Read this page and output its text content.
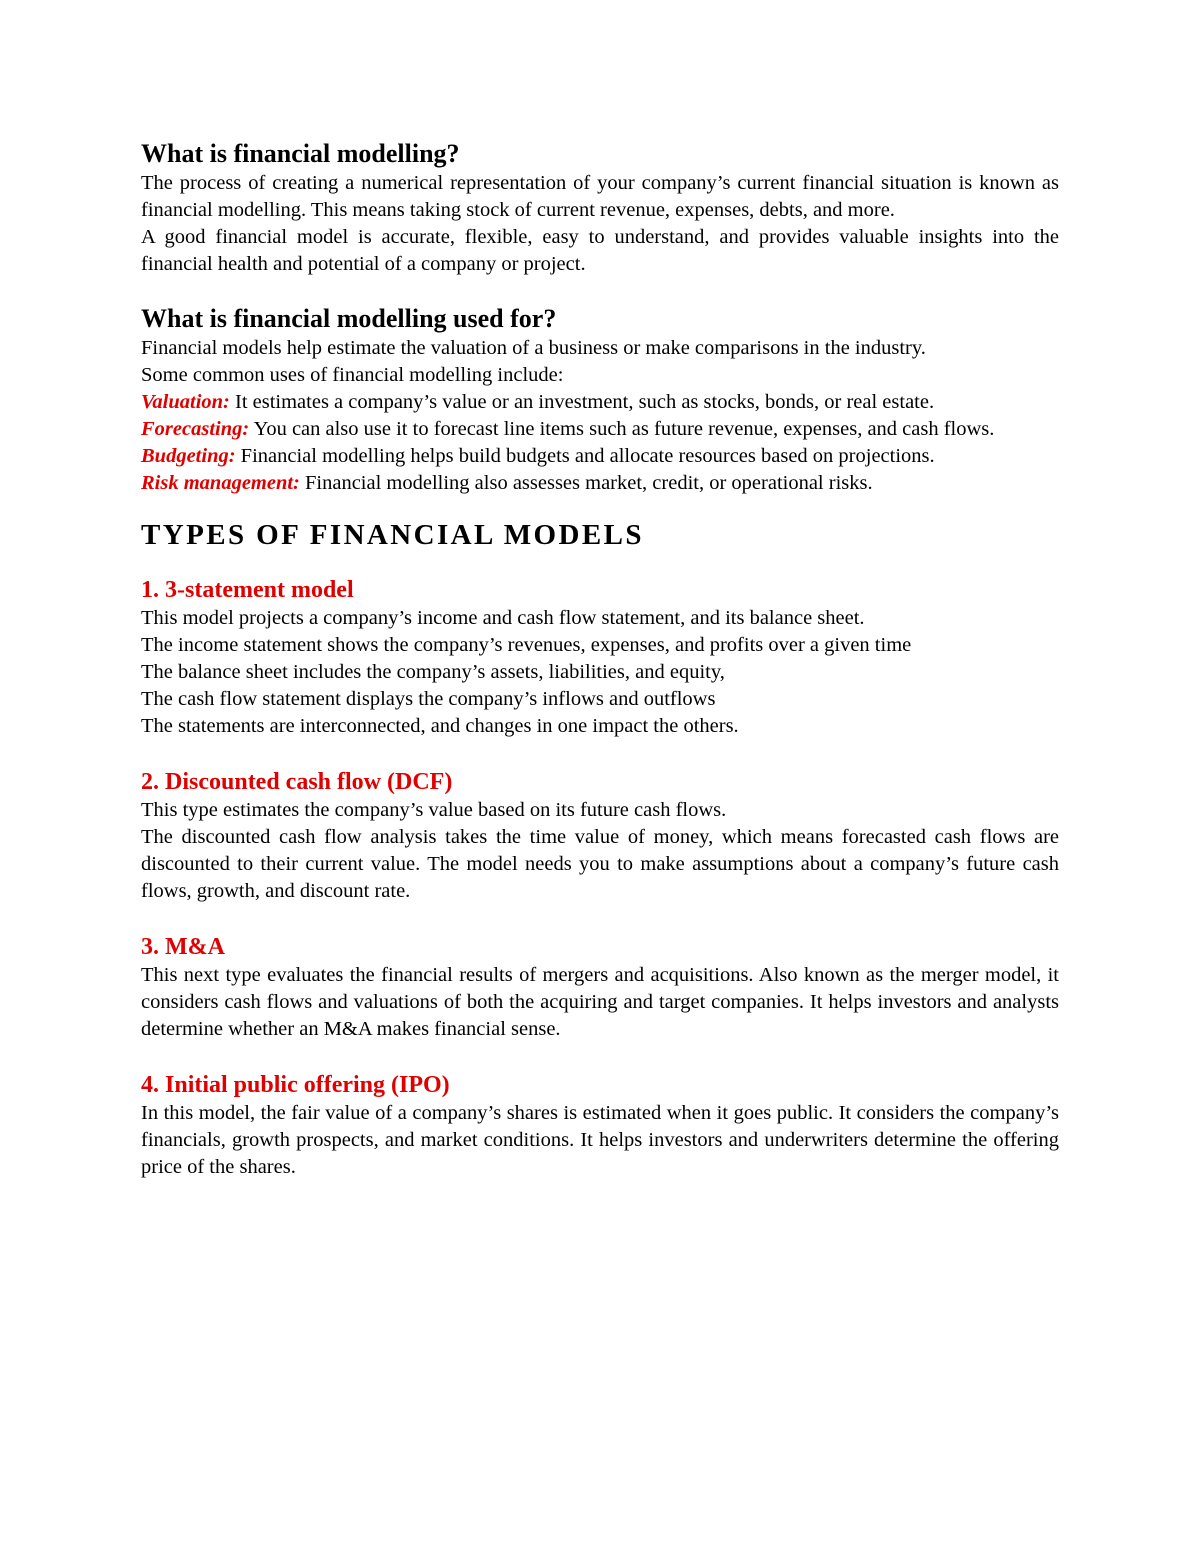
What is financial modelling?

The process of creating a numerical representation of your company’s current financial situation is known as financial modelling. This means taking stock of current revenue, expenses, debts, and more.

A good financial model is accurate, flexible, easy to understand, and provides valuable insights into the financial health and potential of a company or project.

What is financial modelling used for?

Financial models help estimate the valuation of a business or make comparisons in the industry.

Some common uses of financial modelling include:

Valuation: It estimates a company’s value or an investment, such as stocks, bonds, or real estate.

Forecasting: You can also use it to forecast line items such as future revenue, expenses, and cash flows.

Budgeting: Financial modelling helps build budgets and allocate resources based on projections.

Risk management: Financial modelling also assesses market, credit, or operational risks.

TYPES OF FINANCIAL MODELS
1. 3-statement model

This model projects a company’s income and cash flow statement, and its balance sheet.

The income statement shows the company’s revenues, expenses, and profits over a given time

The balance sheet includes the company’s assets, liabilities, and equity,

The cash flow statement displays the company’s inflows and outflows

The statements are interconnected, and changes in one impact the others.

2. Discounted cash flow (DCF)

This type estimates the company’s value based on its future cash flows.

The discounted cash flow analysis takes the time value of money, which means forecasted cash flows are discounted to their current value. The model needs you to make assumptions about a company’s future cash flows, growth, and discount rate.

3. M&A

This next type evaluates the financial results of mergers and acquisitions. Also known as the merger model, it considers cash flows and valuations of both the acquiring and target companies. It helps investors and analysts determine whether an M&A makes financial sense.

4. Initial public offering (IPO)

In this model, the fair value of a company’s shares is estimated when it goes public. It considers the company’s financials, growth prospects, and market conditions. It helps investors and underwriters determine the offering price of the shares.
